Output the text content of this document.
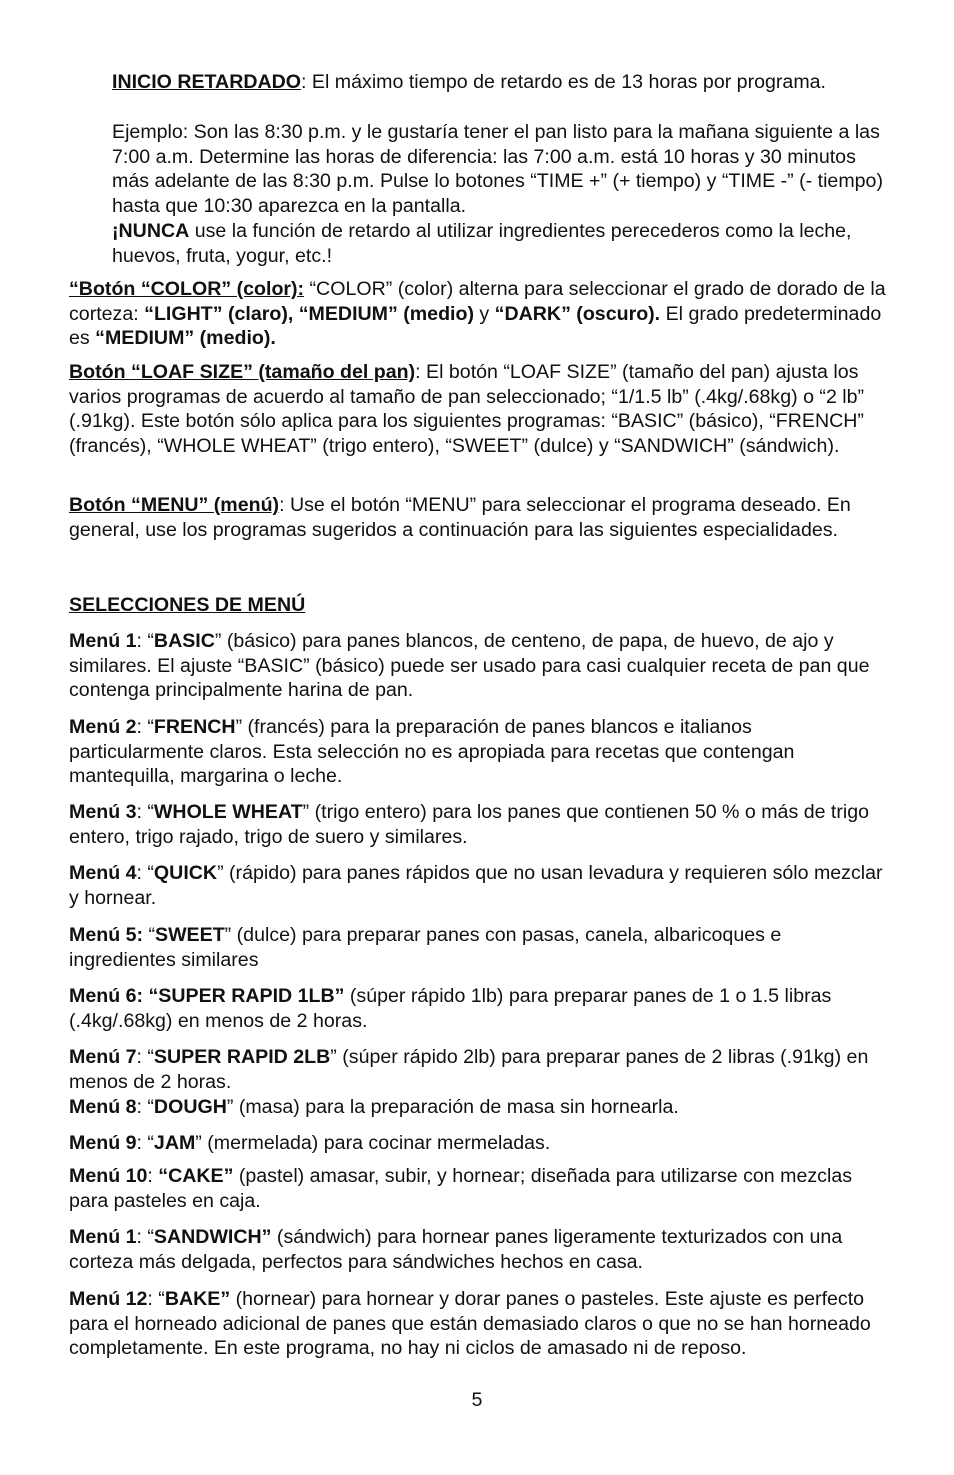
INICIO RETARDADO: El máximo tiempo de retardo es de 13 horas por programa.

Ejemplo: Son las 8:30 p.m. y le gustaría tener el pan listo para la mañana siguiente a las 7:00 a.m. Determine las horas de diferencia: las 7:00 a.m. está 10 horas y 30 minutos más adelante de las 8:30 p.m. Pulse lo botones “TIME +” (+ tiempo) y “TIME -” (- tiempo) hasta que 10:30 aparezca en la pantalla.

¡NUNCA use la función de retardo al utilizar ingredientes perecederos como la leche, huevos, fruta, yogur, etc.!

“Botón “COLOR” (color): “COLOR” (color) alterna para seleccionar el grado de dorado de la corteza: “LIGHT” (claro), “MEDIUM” (medio) y “DARK” (oscuro). El grado predeterminado es “MEDIUM” (medio).

Botón “LOAF SIZE” (tamaño del pan): El botón “LOAF SIZE” (tamaño del pan) ajusta los varios programas de acuerdo al tamaño de pan seleccionado; “1/1.5 lb” (.4kg/.68kg) o “2 lb” (.91kg). Este botón sólo aplica para los siguientes programas: “BASIC” (básico), “FRENCH” (francés), “WHOLE WHEAT” (trigo entero), “SWEET” (dulce) y “SANDWICH” (sándwich).

Botón “MENU” (menú): Use el botón “MENU” para seleccionar el programa deseado. En general, use los programas sugeridos a continuación para las siguientes especialidades.

SELECCIONES DE MENÚ

Menú 1: “BASIC” (básico) para panes blancos, de centeno, de papa, de huevo, de ajo y similares. El ajuste “BASIC” (básico) puede ser usado para casi cualquier receta de pan que contenga principalmente harina de pan.

Menú 2: “FRENCH” (francés) para la preparación de panes blancos e italianos particularmente claros. Esta selección no es apropiada para recetas que contengan mantequilla, margarina o leche.

Menú 3: “WHOLE WHEAT” (trigo entero) para los panes que contienen 50 % o más de trigo entero, trigo rajado, trigo de suero y similares.

Menú 4: “QUICK” (rápido) para panes rápidos que no usan levadura y requieren sólo mezclar y hornear.

Menú 5: “SWEET” (dulce) para preparar panes con pasas, canela, albaricoques e ingredientes similares

Menú 6: “SUPER RAPID 1LB” (súper rápido 1lb) para preparar panes de 1 o 1.5 libras (.4kg/.68kg) en menos de 2 horas.

Menú 7: “SUPER RAPID 2LB” (súper rápido 2lb) para preparar panes de 2 libras (.91kg) en menos de 2 horas.

Menú 8: “DOUGH” (masa) para la preparación de masa sin hornearla.

Menú 9: “JAM” (mermelada) para cocinar mermeladas.

Menú 10: “CAKE” (pastel) amasar, subir, y hornear; diseñada para utilizarse con mezclas para pasteles en caja.

Menú 1: “SANDWICH” (sándwich) para hornear panes ligeramente texturizados con una corteza más delgada, perfectos para sándwiches hechos en casa.

Menú 12: “BAKE” (hornear) para hornear y dorar panes o pasteles. Este ajuste es perfecto para el horneado adicional de panes que están demasiado claros o que no se han horneado completamente. En este programa, no hay ni ciclos de amasado ni de reposo.

5
